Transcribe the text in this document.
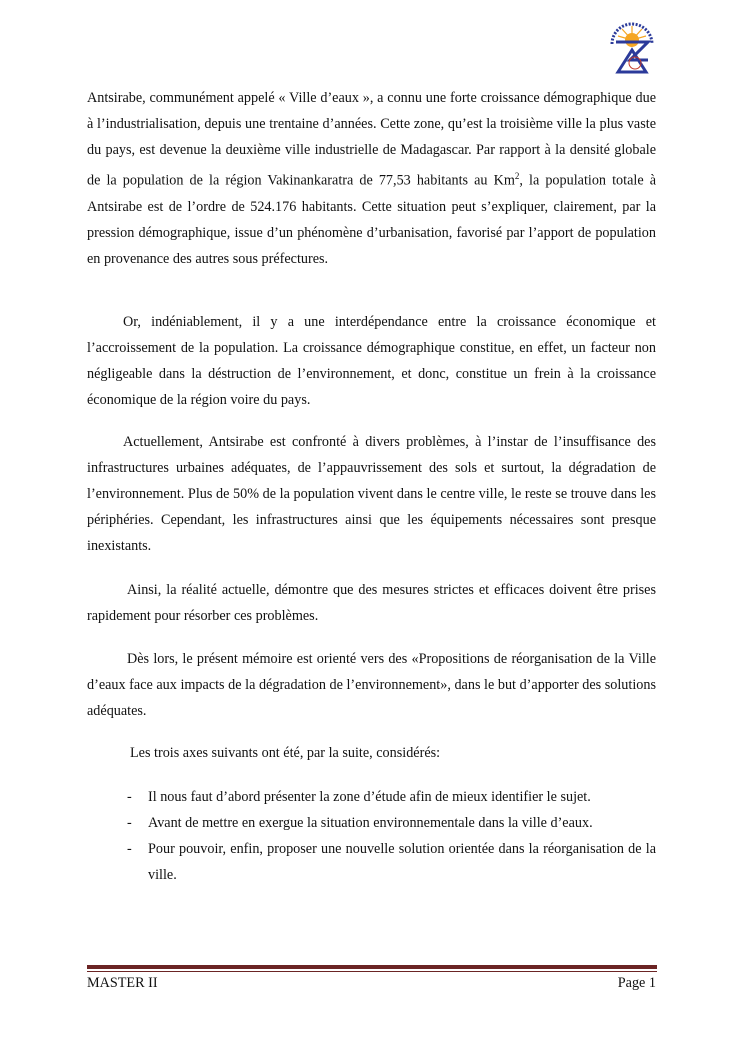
Antsirabe, communément appelé « Ville d’eaux », a connu une forte croissance démographique due à l’industrialisation, depuis une trentaine d’années. Cette zone, qu’est la troisième ville la plus vaste du pays, est devenue la deuxième ville industrielle de Madagascar. Par rapport à la densité globale de la population de la région Vakinankaratra de 77,53 habitants au Km$^2$, la population totale à Antsirabe est de l’ordre de 524.176 habitants. Cette situation peut s’expliquer, clairement, par la pression démographique, issue d’un phénomène d’urbanisation, favorisé par l’apport de population en provenance des autres sous préfectures.

Or, indéniablement, il y a une interdépendance entre la croissance économique et l’accroissement de la population. La croissance démographique constitue, en effet, un facteur non négligeable dans la déstruction de l’environnement, et donc, constitue un frein à la croissance économique de la région voire du pays.

Actuellement, Antsirabe est confronté à divers problèmes, à l’instar de l’insuffisance des infrastructures urbaines adéquates, de l’appauvrissement des sols et surtout, la dégradation de l’environnement. Plus de 50% de la population vivent dans le centre ville, le reste se trouve dans les périphéries. Cependant, les infrastructures ainsi que les équipements nécessaires sont presque inexistants.

Ainsi, la réalité actuelle, démontre que des mesures strictes et efficaces doivent être prises rapidement pour résorber ces problèmes.

Dès lors, le présent mémoire est orienté vers des «Propositions de réorganisation de la Ville d’eaux face aux impacts de la dégradation de l’environnement», dans le but d’apporter des solutions adéquates.

Les trois axes suivants ont été, par la suite, considérés:

- Il nous faut d’abord présenter la zone d’étude afin de mieux identifier le sujet.
- Avant de mettre en exergue la situation environnementale dans la ville d’eaux.
- Pour pouvoir, enfin, proposer une nouvelle solution orientée dans la réorganisation de la ville.
MASTER II	Page 1
